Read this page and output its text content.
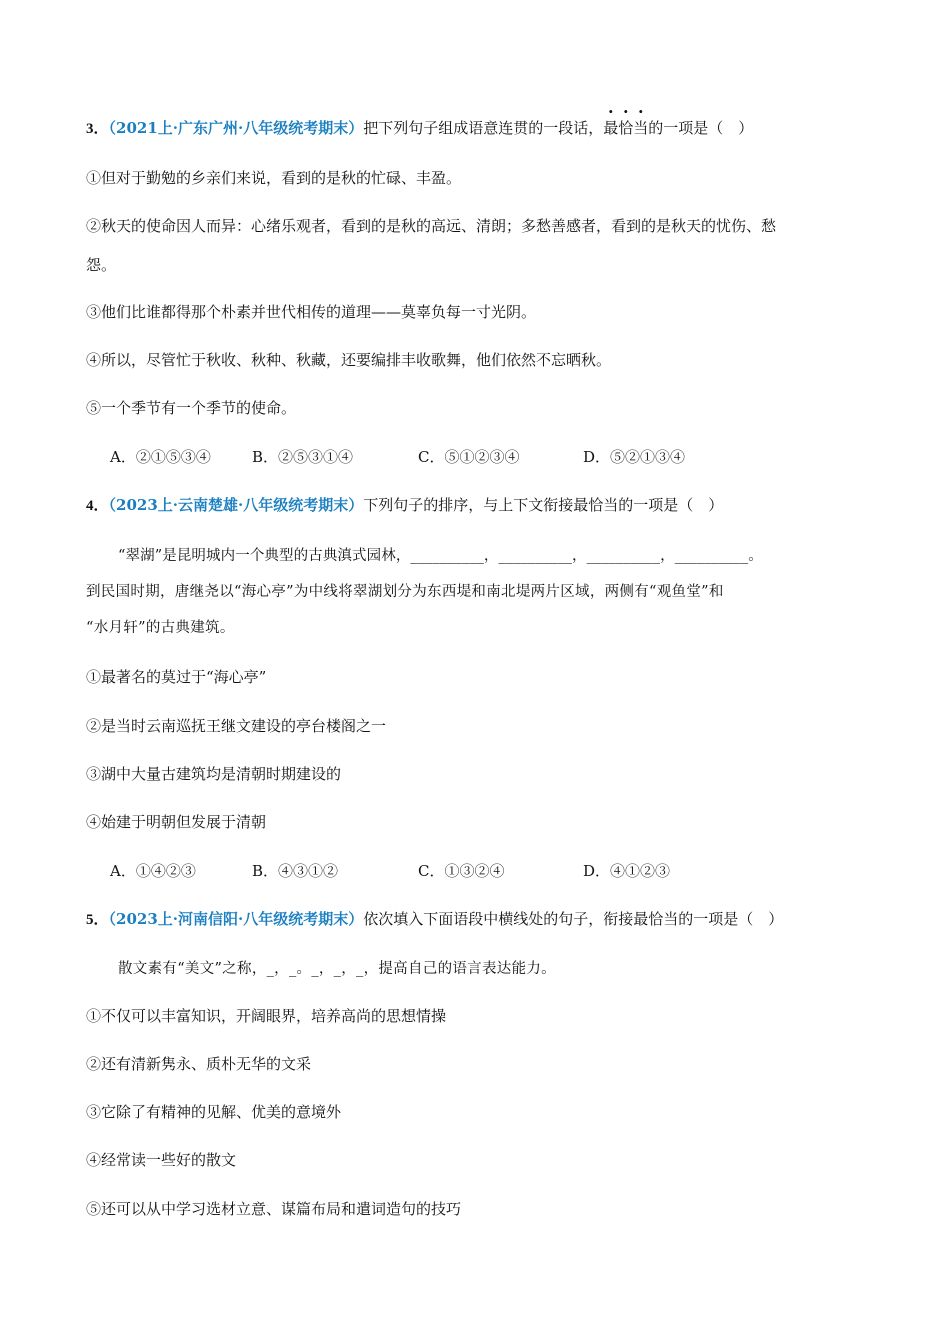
3．（2021上·广东广州·八年级统考期末）把下列句子组成语意连贯的一段话，最恰当的一项是（　）
①但对于勤勉的乡亲们来说，看到的是秋的忙碌、丰盈。
②秋天的使命因人而异：心绪乐观者，看到的是秋的高远、清朗；多愁善感者，看到的是秋天的忧伤、愁
怨。
③他们比谁都得那个朴素并世代相传的道理——莫辜负每一寸光阴。
④所以，尽管忙于秋收、秋种、秋藏，还要编排丰收歌舞，他们依然不忘晒秋。
⑤一个季节有一个季节的使命。
A．②①⑤③④	B．②⑤③①④	C．⑤①②③④	D．⑤②①③④
4．（2023上·云南楚雄·八年级统考期末）下列句子的排序，与上下文衔接最恰当的一项是（　）
“翠湖”是昆明城内一个典型的古典滇式园林，__________，__________，__________，__________。
到民国时期，唐继尧以“海心亭”为中线将翠湖划分为东西堤和南北堤两片区域，两侧有“观鱼堂”和
“水月轩”的古典建筑。
①最著名的莫过于“海心亭”
②是当时云南巡抚王继文建设的亭台楼阁之一
③湖中大量古建筑均是清朝时期建设的
④始建于明朝但发展于清朝
A．①④②③	B．④③①②	C．①③②④	D．④①②③
5．（2023上·河南信阳·八年级统考期末）依次填入下面语段中横线处的句子，衔接最恰当的一项是（　）
散文素有“美文”之称，_，_。_，_，_，提高自己的语言表达能力。
①不仅可以丰富知识，开阔眼界，培养高尚的思想情操
②还有清新隽永、质朴无华的文采
③它除了有精神的见解、优美的意境外
④经常读一些好的散文
⑤还可以从中学习选材立意、谋篇布局和遣词造句的技巧
